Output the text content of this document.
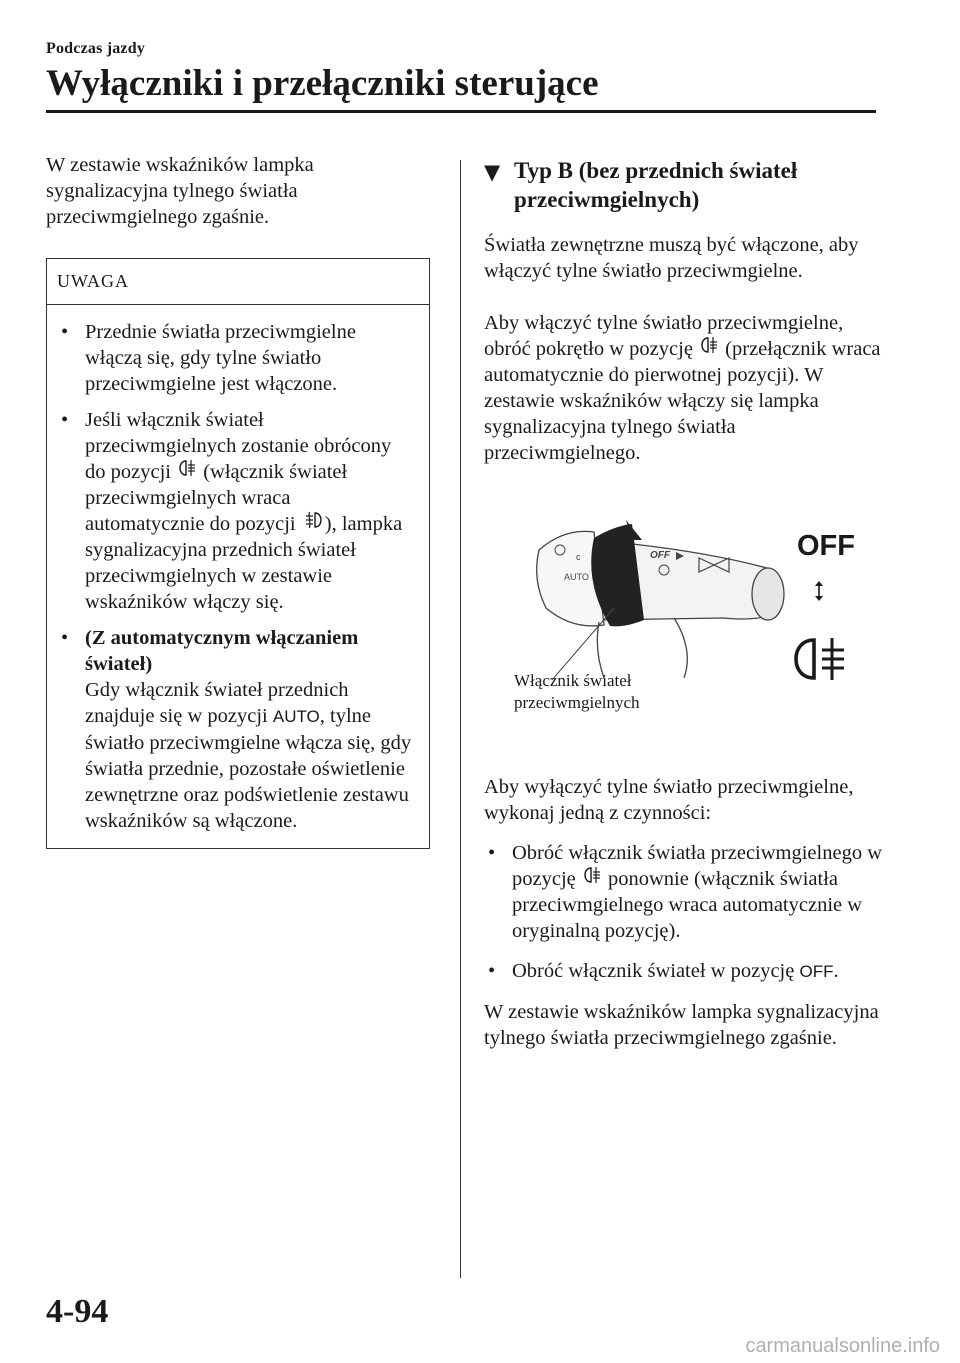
Podczas jazdy
Wyłączniki i przełączniki sterujące

W zestawie wskaźników lampka sygnalizacyjna tylnego światła przeciwmgielnego zgaśnie.

UWAGA
• Przednie światła przeciwmgielne włączą się, gdy tylne światło przeciwmgielne jest włączone.
• Jeśli włącznik świateł przeciwmgielnych zostanie obrócony do pozycji (włącznik świateł przeciwmgielnych wraca automatycznie do pozycji ), lampka sygnalizacyjna przednich świateł przeciwmgielnych w zestawie wskaźników włączy się.
• (Z automatycznym włączaniem świateł)
Gdy włącznik świateł przednich znajduje się w pozycji AUTO, tylne światło przeciwmgielne włącza się, gdy światła przednie, pozostałe oświetlenie zewnętrzne oraz podświetlenie zestawu wskaźników są włączone.
▼ Typ B (bez przednich świateł przeciwmgielnych)

Światła zewnętrzne muszą być włączone, aby włączyć tylne światło przeciwmgielne.

Aby włączyć tylne światło przeciwmgielne, obróć pokrętło w pozycję (przełącznik wraca automatycznie do pierwotnej pozycji). W zestawie wskaźników włączy się lampka sygnalizacyjna tylnego światła przeciwmgielnego.

c
AUTO
OFF	OFF
Włącznik świateł
przeciwmgielnych

Aby wyłączyć tylne światło przeciwmgielne, wykonaj jedną z czynności:

• Obróć włącznik światła przeciwmgielnego w pozycję ponownie (włącznik światła przeciwmgielnego wraca automatycznie w oryginalną pozycję).
• Obróć włącznik świateł w pozycję OFF.

W zestawie wskaźników lampka sygnalizacyjna tylnego światła przeciwmgielnego zgaśnie.

4-94
carmanualsonline.info
